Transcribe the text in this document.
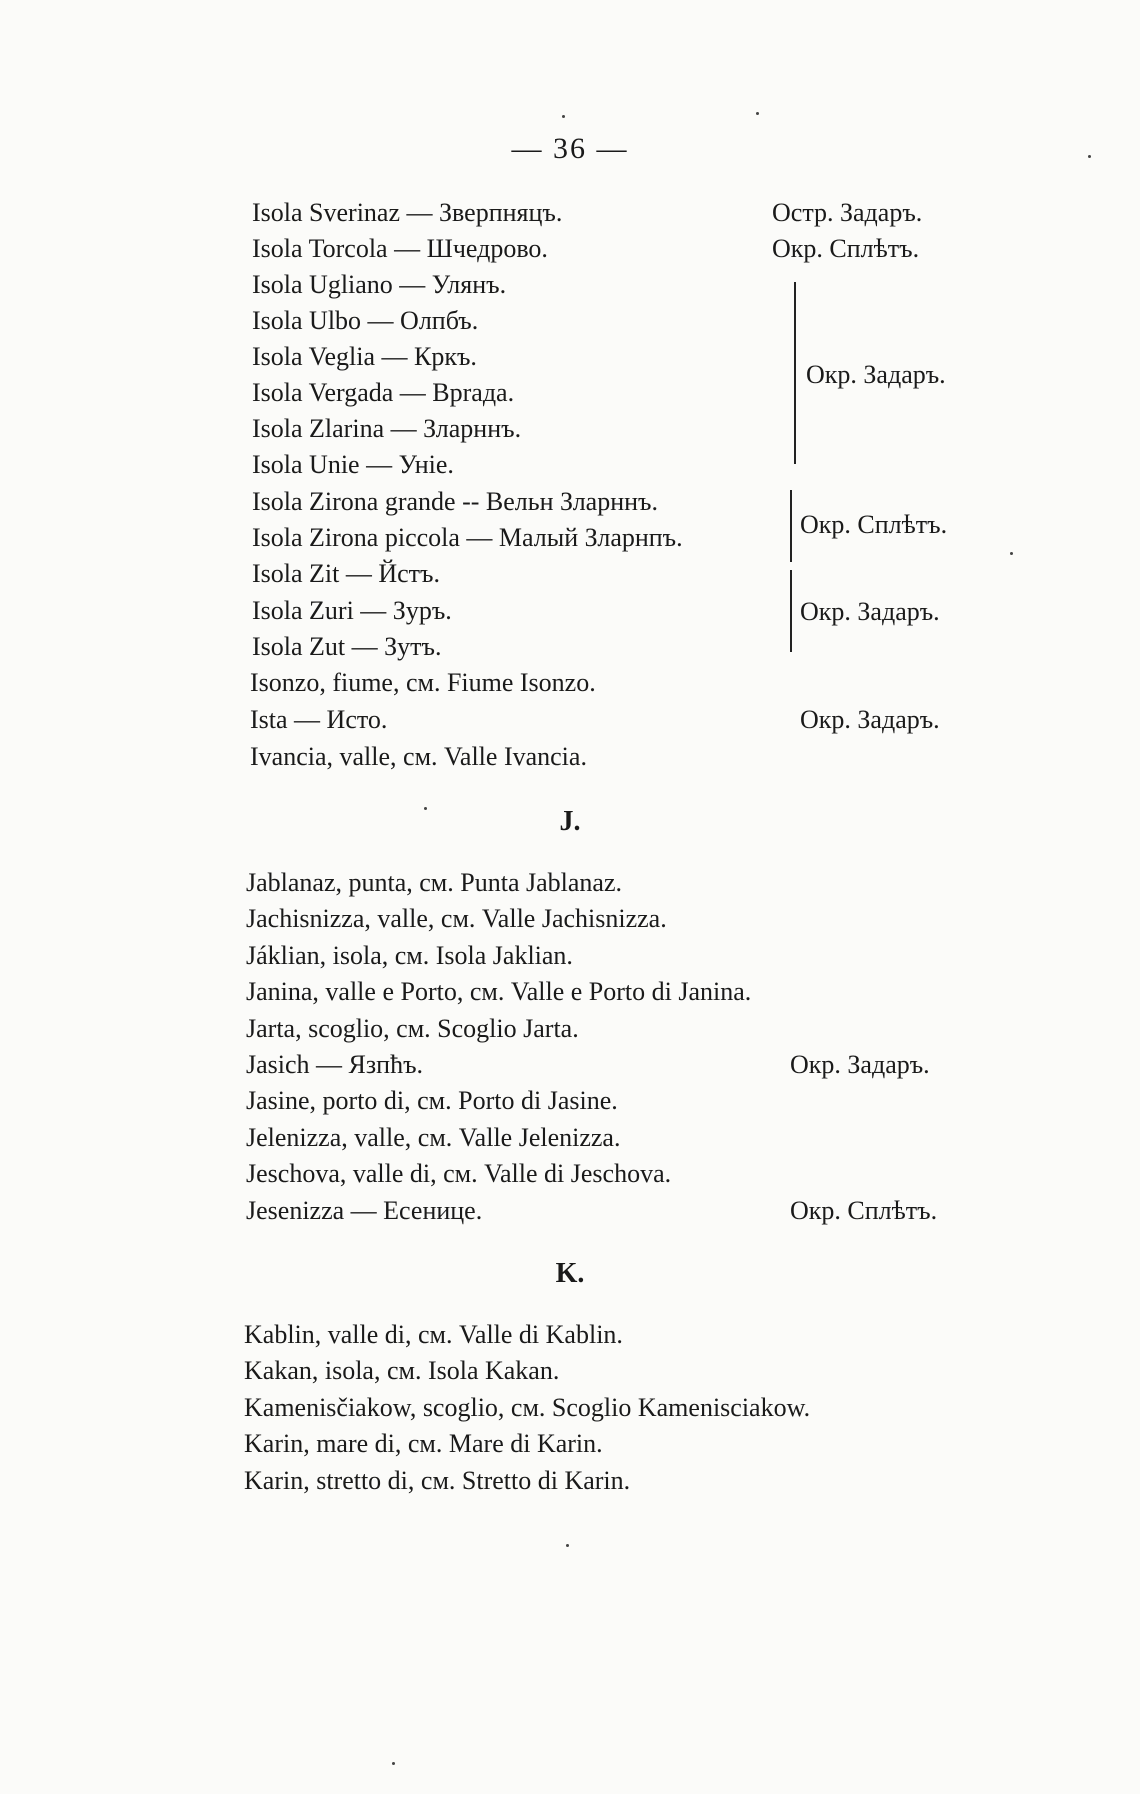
— 36 —
Isola Sverinaz — Зверпняцъ.
Isola Torcola — Шчедрово.
Isola Ugliano — Улянъ.
Isola Ulbo — Олпбъ.
Isola Veglia — Кркъ.
Isola Vergada — Врrада.
Isola Zlarina — Зларннъ.
Isola Unie — Уніе.
Isola Zirona grande -- Вельн Зларннъ.
Isola Zirona piccola — Малый Зларнпъ.
Isola Zit — Йстъ.
Isola Zuri — Зуръ.
Isola Zut — Зутъ.
Isonzo, fiume, см. Fiume Isonzo.
Ista — Исто.
Ivancia, valle, см. Valle Ivancia.
Остр. Задаръ.
Окр. Сплѣтъ.
Окр. Задаръ.
Окр. Сплѣтъ.
Окр. Задаръ.
Окр. Задаръ.
J.
Jablanaz, punta, см. Punta Jablanaz.
Jachisnizza, valle, см. Valle Jachisnizza.
Jáklian, isola, см. Isola Jaklian.
Janina, valle e Porto, см. Valle e Porto di Janina.
Jarta, scoglio, см. Scoglio Jarta.
Jasich — Язпћъ.
Jasine, porto di, см. Porto di Jasine.
Jelenizza, valle, см. Valle Jelenizza.
Jeschova, valle di, см. Valle di Jeschova.
Jesenizza — Есенице.
Окр. Задаръ.
Окр. Сплѣтъ.
K.
Kablin, valle di, см. Valle di Kablin.
Kakan, isola, см. Isola Kakan.
Kamenisčiakow, scoglio, см. Scoglio Kamenisciakow.
Karin, mare di, см. Mare di Karin.
Karin, stretto di, см. Stretto di Karin.
